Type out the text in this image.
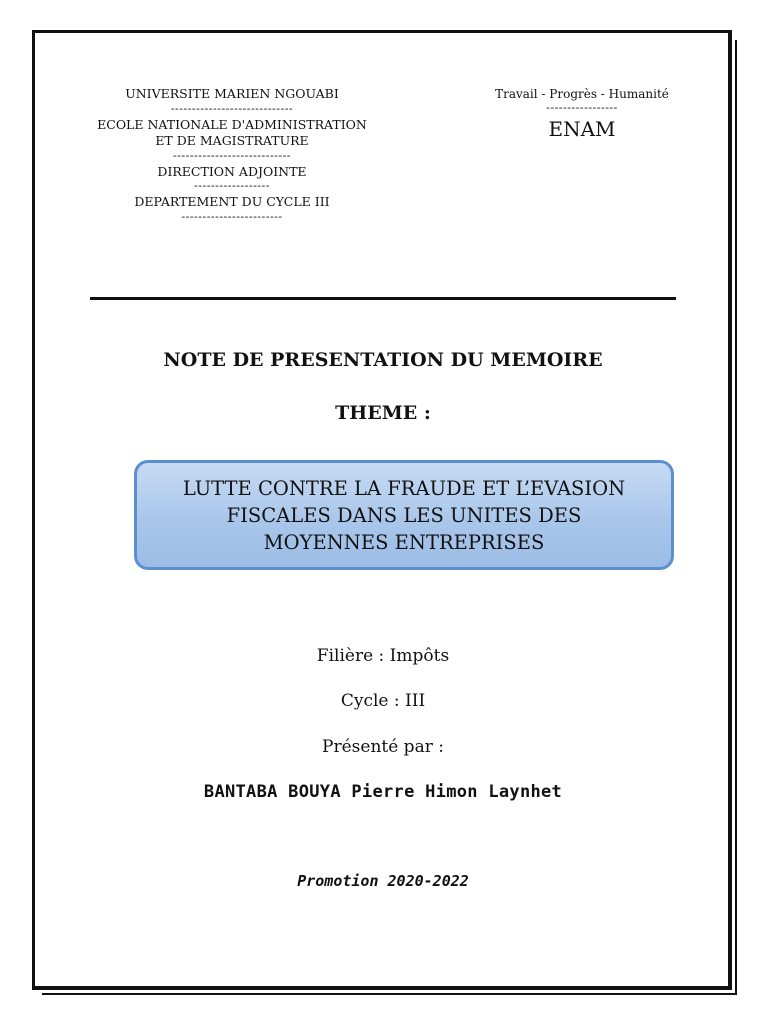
UNIVERSITE MARIEN NGOUABI
-----------------------------
ECOLE NATIONALE D'ADMINISTRATION
ET DE MAGISTRATURE
----------------------------
DIRECTION ADJOINTE
------------------
DEPARTEMENT DU CYCLE III
------------------------
Travail - Progrès - Humanité
-----------------
ENAM
NOTE DE PRESENTATION DU MEMOIRE
THEME :
LUTTE CONTRE LA FRAUDE ET L’EVASION
FISCALES DANS LES UNITES DES
MOYENNES ENTREPRISES
Filière : Impôts
Cycle : III
Présenté par :
BANTABA BOUYA Pierre Himon Laynhet
Promotion 2020-2022
